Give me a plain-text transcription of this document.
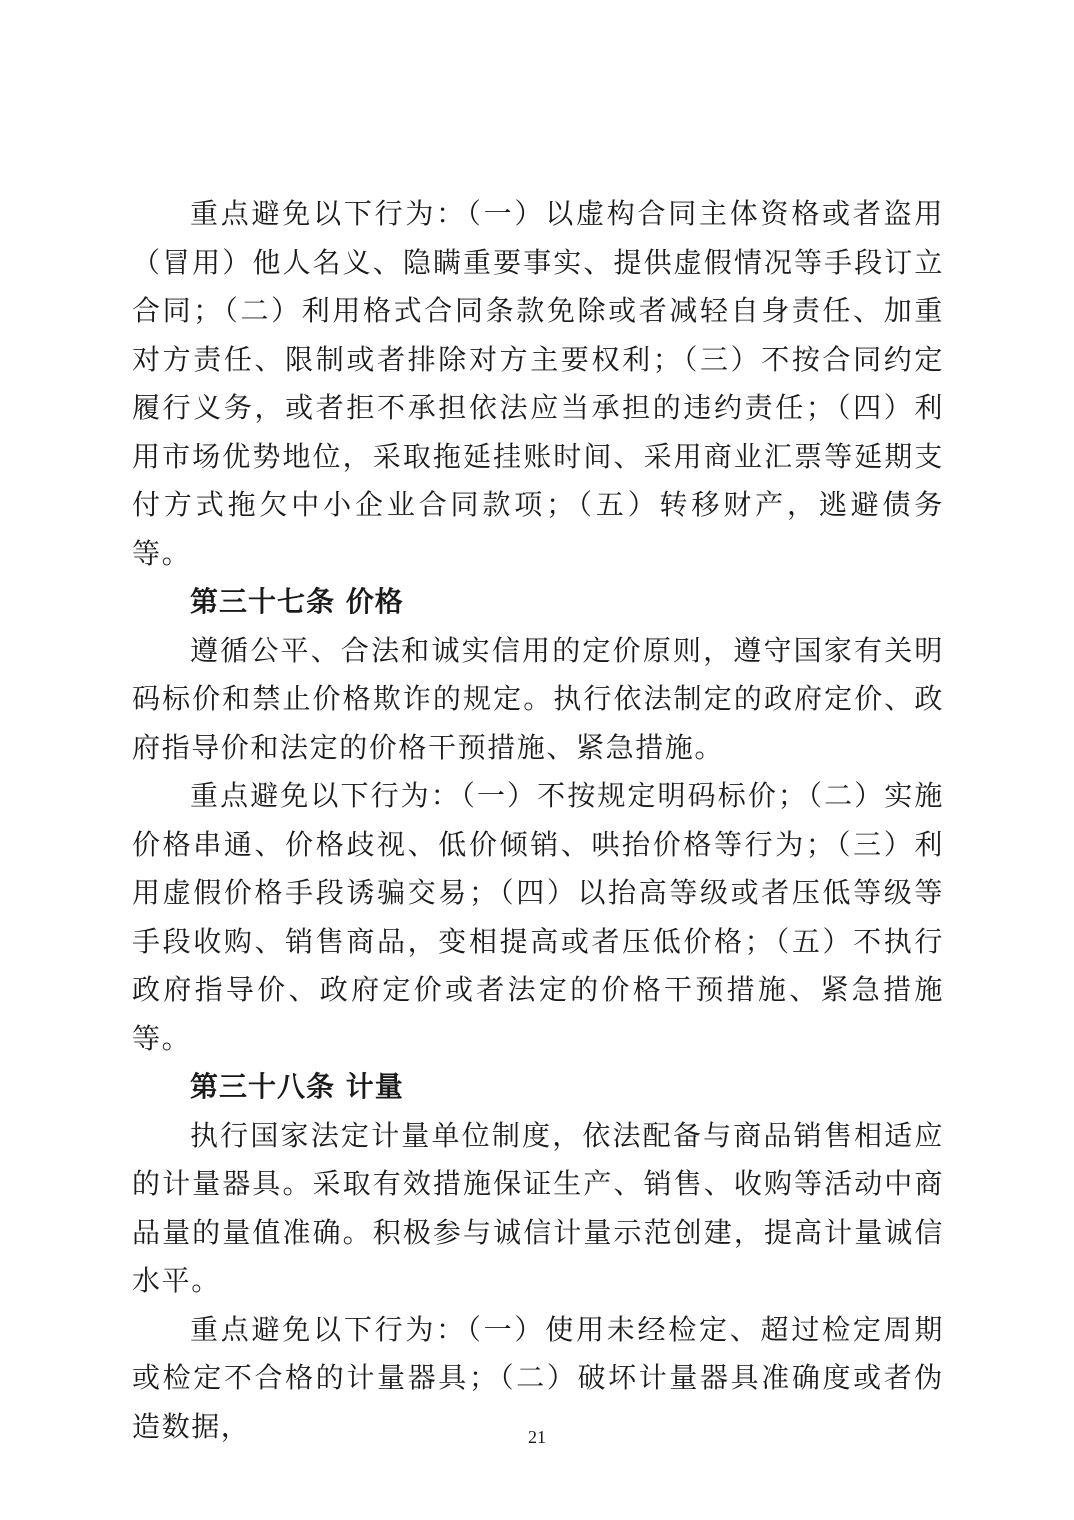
重点避免以下行为：（一）以虚构合同主体资格或者盗用（冒用）他人名义、隐瞒重要事实、提供虚假情况等手段订立合同；（二）利用格式合同条款免除或者减轻自身责任、加重对方责任、限制或者排除对方主要权利；（三）不按合同约定履行义务，或者拒不承担依法应当承担的违约责任；（四）利用市场优势地位，采取拖延挂账时间、采用商业汇票等延期支付方式拖欠中小企业合同款项；（五）转移财产，逃避债务等。

第三十七条 价格

遵循公平、合法和诚实信用的定价原则，遵守国家有关明码标价和禁止价格欺诈的规定。执行依法制定的政府定价、政府指导价和法定的价格干预措施、紧急措施。

重点避免以下行为：（一）不按规定明码标价；（二）实施价格串通、价格歧视、低价倾销、哄抬价格等行为；（三）利用虚假价格手段诱骗交易；（四）以抬高等级或者压低等级等手段收购、销售商品，变相提高或者压低价格；（五）不执行政府指导价、政府定价或者法定的价格干预措施、紧急措施等。

第三十八条 计量

执行国家法定计量单位制度，依法配备与商品销售相适应的计量器具。采取有效措施保证生产、销售、收购等活动中商品量的量值准确。积极参与诚信计量示范创建，提高计量诚信水平。

重点避免以下行为：（一）使用未经检定、超过检定周期或检定不合格的计量器具；（二）破坏计量器具准确度或者伪造数据，	21
